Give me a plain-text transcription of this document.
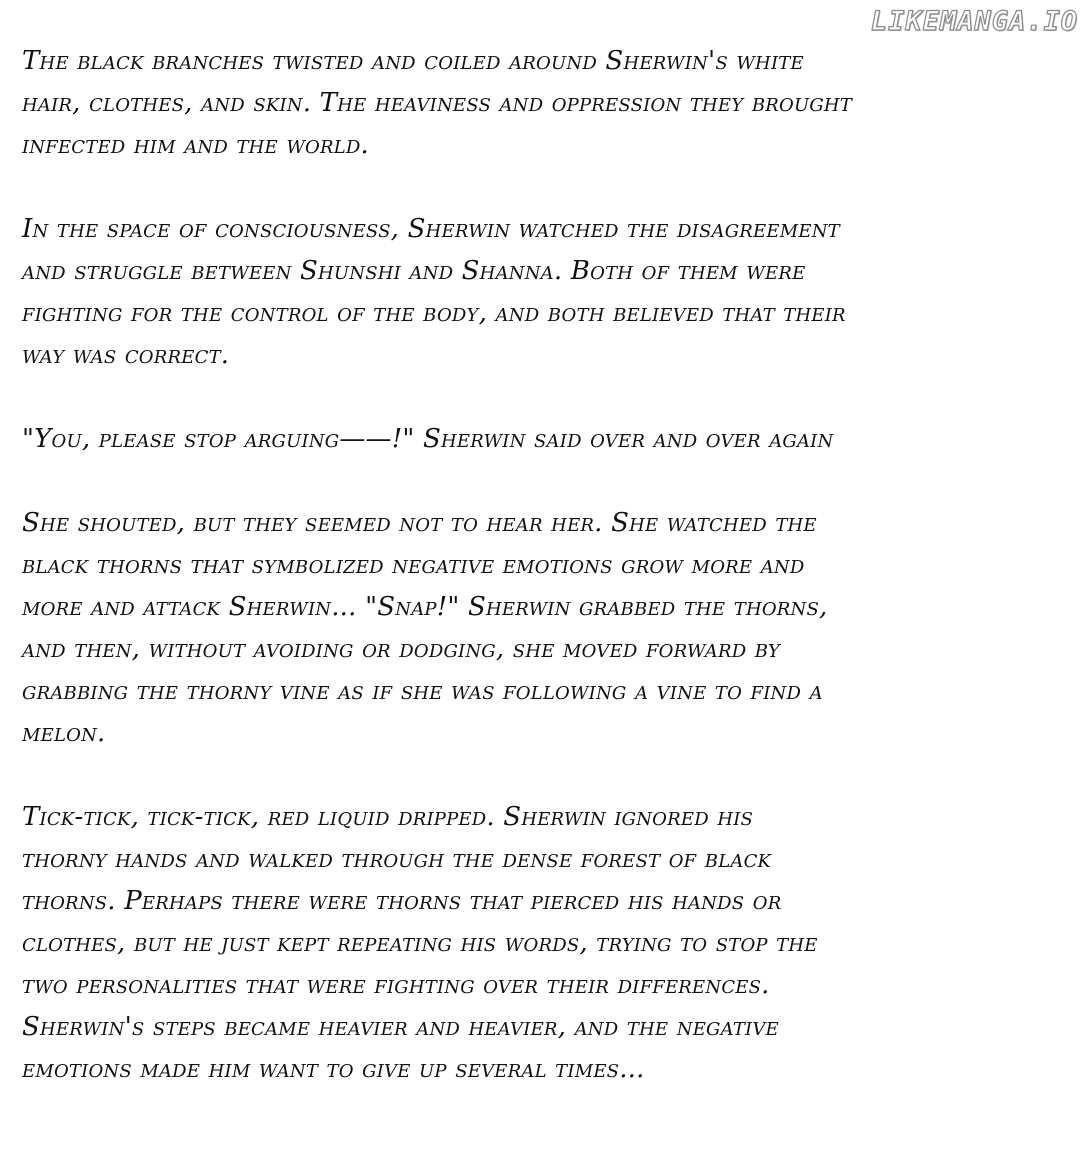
LIKEMANGA.IO

The black branches twisted and coiled around Sherwin's white
hair, clothes, and skin. The heaviness and oppression they brought
infected him and the world.

In the space of consciousness, Sherwin watched the disagreement
and struggle between Shunshi and Shanna. Both of them were
fighting for the control of the body, and both believed that their
way was correct.

"You, please stop arguing——!" Sherwin said over and over again

She shouted, but they seemed not to hear her. She watched the
black thorns that symbolized negative emotions grow more and
more and attack Sherwin... "Snap!" Sherwin grabbed the thorns,
and then, without avoiding or dodging, she moved forward by
grabbing the thorny vine as if she was following a vine to find a
melon.

Tick-tick, tick-tick, red liquid dripped. Sherwin ignored his
thorny hands and walked through the dense forest of black
thorns. Perhaps there were thorns that pierced his hands or
clothes, but he just kept repeating his words, trying to stop the
two personalities that were fighting over their differences.
Sherwin's steps became heavier and heavier, and the negative
emotions made him want to give up several times...
